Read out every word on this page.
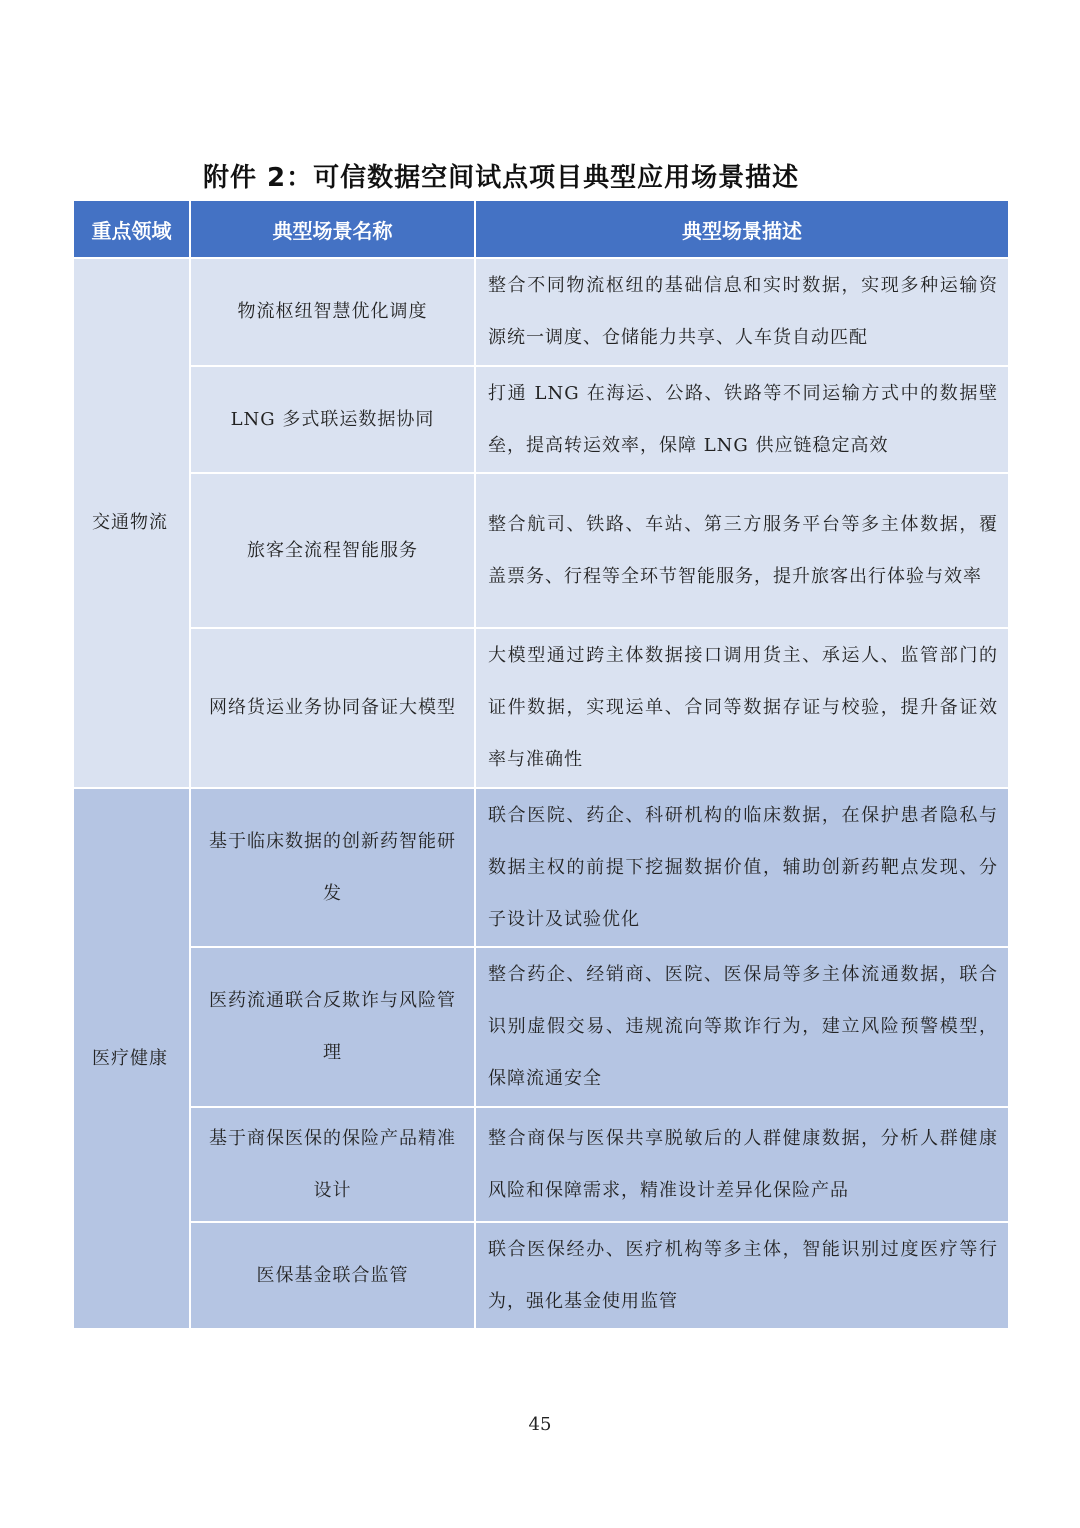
附件 2：可信数据空间试点项目典型应用场景描述
重点领域	典型场景名称	典型场景描述
交通物流	物流枢纽智慧优化调度	整合不同物流枢纽的基础信息和实时数据，实现多种运输资源统一调度、仓储能力共享、人车货自动匹配
	LNG 多式联运数据协同	打通 LNG 在海运、公路、铁路等不同运输方式中的数据壁垒，提高转运效率，保障 LNG 供应链稳定高效
	旅客全流程智能服务	整合航司、铁路、车站、第三方服务平台等多主体数据，覆盖票务、行程等全环节智能服务，提升旅客出行体验与效率
	网络货运业务协同备证大模型	大模型通过跨主体数据接口调用货主、承运人、监管部门的证件数据，实现运单、合同等数据存证与校验，提升备证效率与准确性
医疗健康	基于临床数据的创新药智能研发	联合医院、药企、科研机构的临床数据，在保护患者隐私与数据主权的前提下挖掘数据价值，辅助创新药靶点发现、分子设计及试验优化
	医药流通联合反欺诈与风险管理	整合药企、经销商、医院、医保局等多主体流通数据，联合识别虚假交易、违规流向等欺诈行为，建立风险预警模型，保障流通安全
	基于商保医保的保险产品精准设计	整合商保与医保共享脱敏后的人群健康数据，分析人群健康风险和保障需求，精准设计差异化保险产品
	医保基金联合监管	联合医保经办、医疗机构等多主体，智能识别过度医疗等行为，强化基金使用监管
45
